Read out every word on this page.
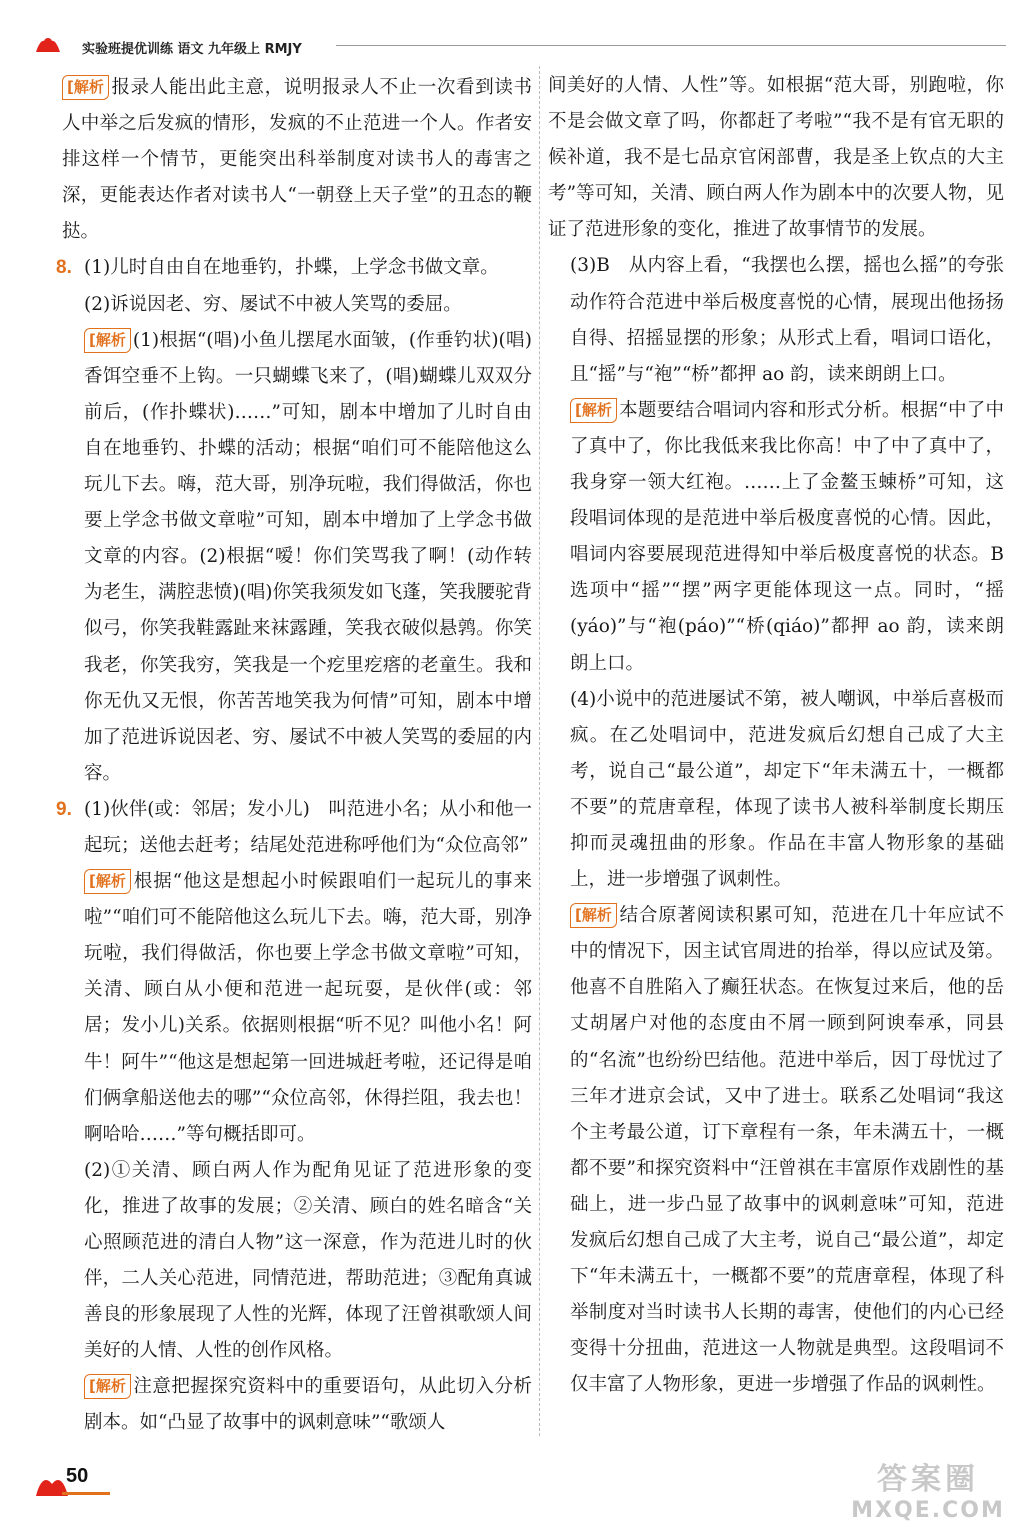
实验班提优训练 语文 九年级上 RMJY
[解析 报录人能出此主意，说明报录人不止一次看到读书人中举之后发疯的情形，发疯的不止范进一个人。作者安排这样一个情节，更能突出科举制度对读书人的毒害之深，更能表达作者对读书人“一朝登上天子堂”的丑态的鞭挞。
8. (1)儿时自由自在地垂钓，扑蝶，上学念书做文章。
(2)诉说因老、穷、屡试不中被人笑骂的委屈。
[解析 (1)根据“(唱)小鱼儿摆尾水面皱，(作垂钓状)(唱)香饵空垂不上钩。一只蝴蝶飞来了，(唱)蝴蝶儿双双分前后，(作扑蝶状)……”可知，剧本中增加了儿时自由自在地垂钓、扑蝶的活动；根据“咱们可不能陪他这么玩儿下去。嗨，范大哥，别净玩啦，我们得做活，你也要上学念书做文章啦”可知，剧本中增加了上学念书做文章的内容。(2)根据“嗳！你们笑骂我了啊！(动作转为老生，满腔悲愤)(唱)你笑我须发如飞蓬，笑我腰驼背似弓，你笑我鞋露趾来袜露踵，笑我衣破似悬鹑。你笑我老，你笑我穷，笑我是一个疙里疙瘩的老童生。我和你无仇又无恨，你苦苦地笑我为何情”可知，剧本中增加了范进诉说因老、穷、屡试不中被人笑骂的委屈的内容。
9. (1)伙伴(或：邻居；发小儿)　叫范进小名；从小和他一起玩；送他去赶考；结尾处范进称呼他们为“众位高邻”
[解析 根据“他这是想起小时候跟咱们一起玩儿的事来啦”“咱们可不能陪他这么玩儿下去。嗨，范大哥，别净玩啦，我们得做活，你也要上学念书做文章啦”可知，关清、顾白从小便和范进一起玩耍，是伙伴(或：邻居；发小儿)关系。依据则根据“听不见？叫他小名！阿牛！阿牛”“他这是想起第一回进城赶考啦，还记得是咱们俩拿船送他去的哪”“众位高邻，休得拦阻，我去也！啊哈哈……”等句概括即可。
(2)①关清、顾白两人作为配角见证了范进形象的变化，推进了故事的发展；②关清、顾白的姓名暗含“关心照顾范进的清白人物”这一深意，作为范进儿时的伙伴，二人关心范进，同情范进，帮助范进；③配角真诚善良的形象展现了人性的光辉，体现了汪曾祺歌颂人间美好的人情、人性的创作风格。
[解析 注意把握探究资料中的重要语句，从此切入分析剧本。如“凸显了故事中的讽刺意味”“歌颂人
间美好的人情、人性”等。如根据“范大哥，别跑啦，你不是会做文章了吗，你都赶了考啦”“我不是有官无职的候补道，我不是七品京官闲部曹，我是圣上钦点的大主考”等可知，关清、顾白两人作为剧本中的次要人物，见证了范进形象的变化，推进了故事情节的发展。
(3)B　从内容上看，“我摆也么摆，摇也么摇”的夸张动作符合范进中举后极度喜悦的心情，展现出他扬扬自得、招摇显摆的形象；从形式上看，唱词口语化，且“摇”与“袍”“桥”都押 ao 韵，读来朗朗上口。
[解析 本题要结合唱词内容和形式分析。根据“中了中了真中了，你比我低来我比你高！中了中了真中了，我身穿一领大红袍。……上了金鳌玉蝀桥”可知，这段唱词体现的是范进中举后极度喜悦的心情。因此，唱词内容要展现范进得知中举后极度喜悦的状态。B选项中“摇”“摆”两字更能体现这一点。同时，“摇(yáo)”与“袍(páo)”“桥(qiáo)”都押 ao 韵，读来朗朗上口。
(4)小说中的范进屡试不第，被人嘲讽，中举后喜极而疯。在乙处唱词中，范进发疯后幻想自己成了大主考，说自己“最公道”，却定下“年未满五十，一概都不要”的荒唐章程，体现了读书人被科举制度长期压抑而灵魂扭曲的形象。作品在丰富人物形象的基础上，进一步增强了讽刺性。
[解析 结合原著阅读积累可知，范进在几十年应试不中的情况下，因主试官周进的抬举，得以应试及第。他喜不自胜陷入了癫狂状态。在恢复过来后，他的岳丈胡屠户对他的态度由不屑一顾到阿谀奉承，同县的“名流”也纷纷巴结他。范进中举后，因丁母忧过了三年才进京会试，又中了进士。联系乙处唱词“我这个主考最公道，订下章程有一条，年未满五十，一概都不要”和探究资料中“汪曾祺在丰富原作戏剧性的基础上，进一步凸显了故事中的讽刺意味”可知，范进发疯后幻想自己成了大主考，说自己“最公道”，却定下“年未满五十，一概都不要”的荒唐章程，体现了科举制度对当时读书人长期的毒害，使他们的内心已经变得十分扭曲，范进这一人物就是典型。这段唱词不仅丰富了人物形象，更进一步增强了作品的讽刺性。
50	答案圈
MXQE.COM
